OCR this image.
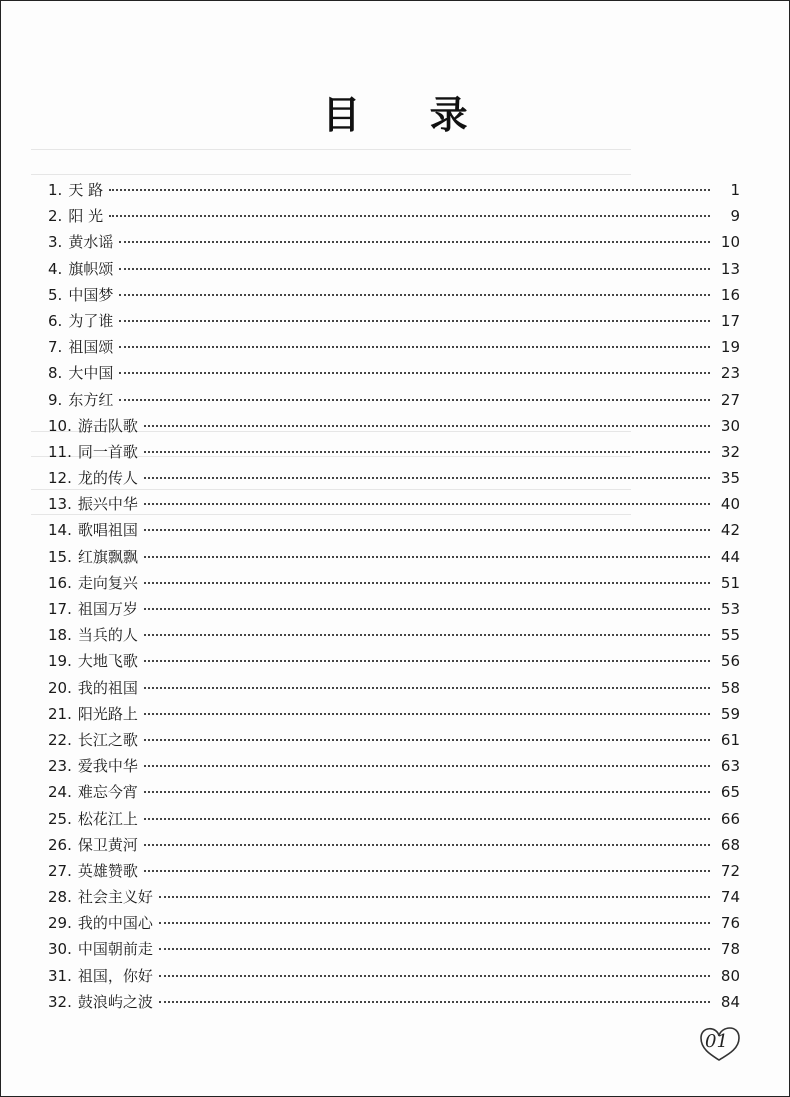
目 录
1. 天 路	1
2. 阳 光	9
3. 黄水谣	10
4. 旗帜颂	13
5. 中国梦	16
6. 为了谁	17
7. 祖国颂	19
8. 大中国	23
9. 东方红	27
10. 游击队歌	30
11. 同一首歌	32
12. 龙的传人	35
13. 振兴中华	40
14. 歌唱祖国	42
15. 红旗飘飘	44
16. 走向复兴	51
17. 祖国万岁	53
18. 当兵的人	55
19. 大地飞歌	56
20. 我的祖国	58
21. 阳光路上	59
22. 长江之歌	61
23. 爱我中华	63
24. 难忘今宵	65
25. 松花江上	66
26. 保卫黄河	68
27. 英雄赞歌	72
28. 社会主义好	74
29. 我的中国心	76
30. 中国朝前走	78
31. 祖国，你好	80
32. 鼓浪屿之波	84
01
